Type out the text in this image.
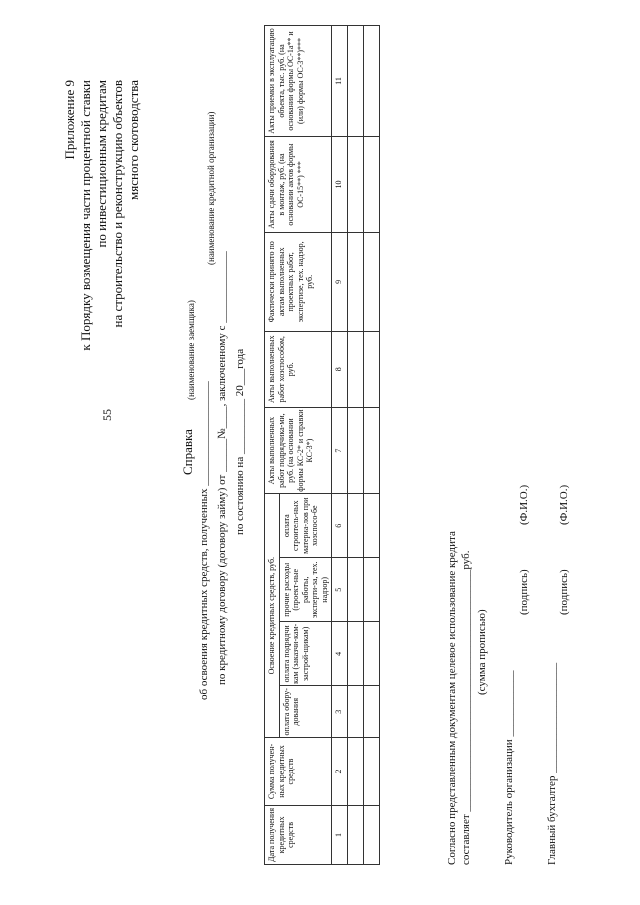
55
Приложение 9 к Порядку возмещения части процентной ставки по инвестиционным кредитам на строительство и реконструкцию объектов мясного скотоводства
Справка об освоения кредитных средств, полученных ___________________
(наименование заемщика) по кредитному договору (договору займу) от ______№____, заключенному с _____________
(наименование кредитной организации)
по состоянию на __________ 20___года
Дата получения кредитных средств	Сумма получен-ных кредитных средств	Освоение кредитных средств, руб.				Акты выполненных работ подрядчика-ми, руб. (на основании формы КС-2* и справки КС-3*)	Акты выполненных работ хозспособом, руб.	Фактически принято по актам выполненных проектных работ, экспертизе, тех. надзор, руб.	Акты сдачи оборудования в монтаж, руб. (на основании актов формы ОС-15**) ***	Акты приемки в эксплуатацию объекта, тыс. руб. (на основании формы ОС-1а** и (или) формы ОС-3**)***
		оплата обору-дования	оплата подрядчи кам (заказчи-кам-застрой-щикам)	прочие расходы (проект-ные работы, эксперти-за, тех. надзор)	оплата строитель-ных материа-лов при хозспосо-бе					
1	2	3	4	5	6	7	8	9	10	11

Согласно представленным документам целевое использование кредита составляет ____________________________________________руб. (сумма прописью)
Руководитель организации ____________
(подпись)
(Ф.И.О.)
Главный бухгалтер ____________________
(подпись)
(Ф.И.О.)
